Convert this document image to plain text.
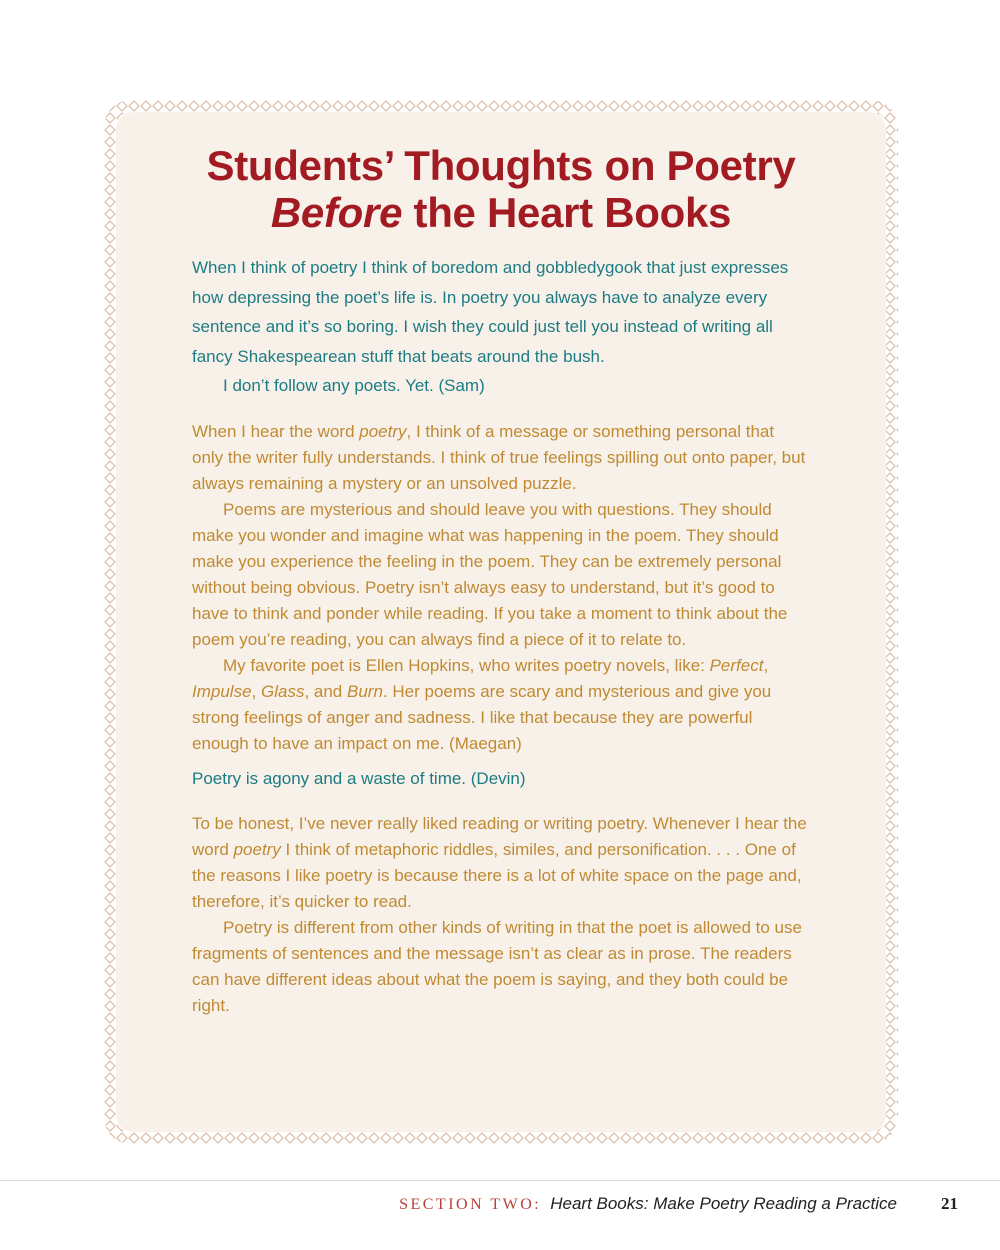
Students’ Thoughts on Poetry
Before the Heart Books

When I think of poetry I think of boredom and gobbledygook that just expresses how depressing the poet’s life is. In poetry you always have to analyze every sentence and it’s so boring. I wish they could just tell you instead of writing all fancy Shakespearean stuff that beats around the bush.

I don’t follow any poets. Yet. (Sam)

When I hear the word poetry, I think of a message or something personal that only the writer fully understands. I think of true feelings spilling out onto paper, but always remaining a mystery or an unsolved puzzle.

Poems are mysterious and should leave you with questions. They should make you wonder and imagine what was happening in the poem. They should make you experience the feeling in the poem. They can be extremely personal without being obvious. Poetry isn’t always easy to understand, but it’s good to have to think and ponder while reading. If you take a moment to think about the poem you’re reading, you can always find a piece of it to relate to.

My favorite poet is Ellen Hopkins, who writes poetry novels, like: Perfect, Impulse, Glass, and Burn. Her poems are scary and mysterious and give you strong feelings of anger and sadness. I like that because they are powerful enough to have an impact on me. (Maegan)

Poetry is agony and a waste of time. (Devin)

To be honest, I’ve never really liked reading or writing poetry. Whenever I hear the word poetry I think of metaphoric riddles, similes, and personification. . . . One of the reasons I like poetry is because there is a lot of white space on the page and, therefore, it’s quicker to read.

Poetry is different from other kinds of writing in that the poet is allowed to use fragments of sentences and the message isn’t as clear as in prose. The readers can have different ideas about what the poem is saying, and they both could be right.

SECTION TWO: Heart Books: Make Poetry Reading a Practice	21
